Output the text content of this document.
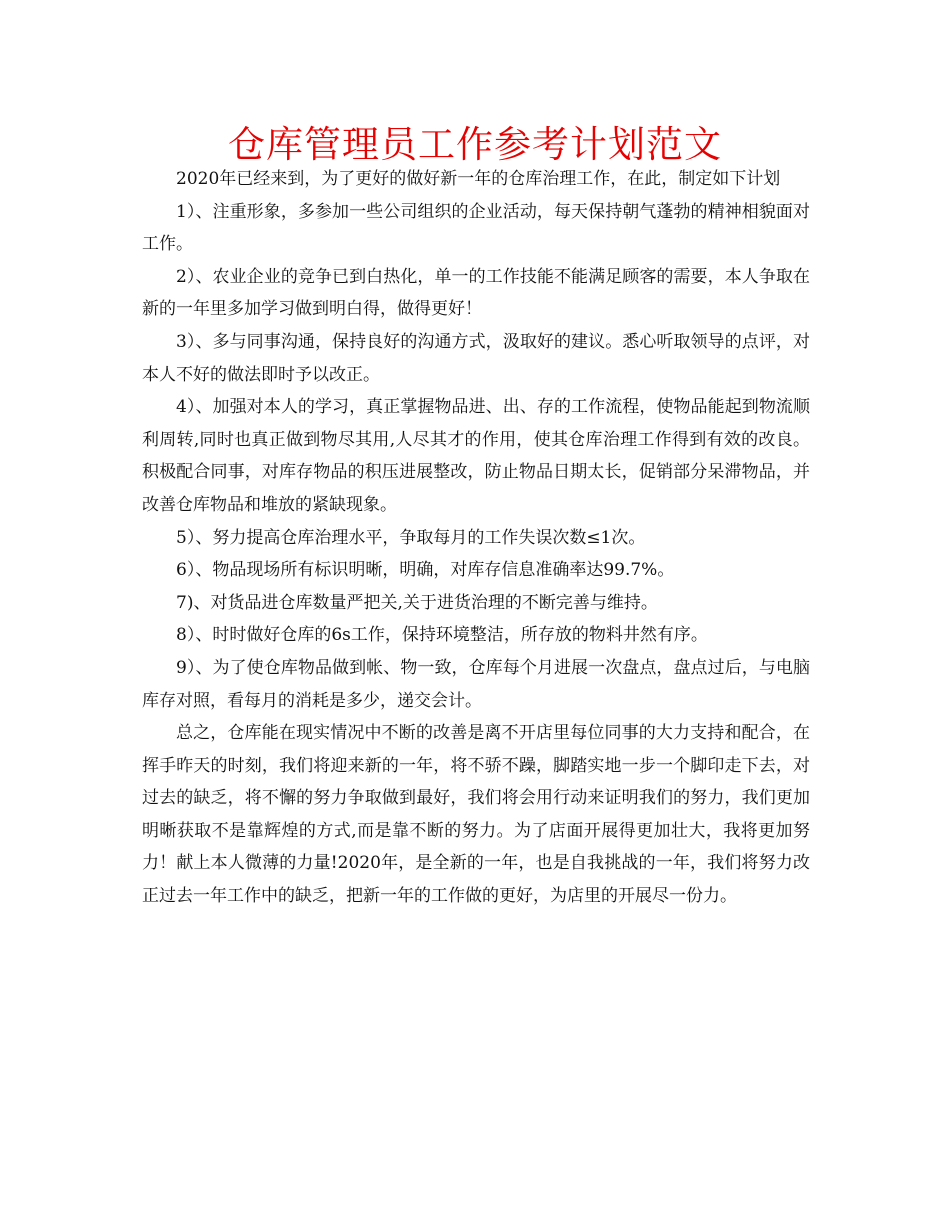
仓库管理员工作参考计划范文

2020年已经来到，为了更好的做好新一年的仓库治理工作，在此，制定如下计划

1）、注重形象，多参加一些公司组织的企业活动，每天保持朝气蓬勃的精神相貌面对工作。

2）、农业企业的竞争已到白热化，单一的工作技能不能满足顾客的需要，本人争取在新的一年里多加学习做到明白得，做得更好！

3）、多与同事沟通，保持良好的沟通方式，汲取好的建议。悉心听取领导的点评，对本人不好的做法即时予以改正。

4）、加强对本人的学习，真正掌握物品进、出、存的工作流程，使物品能起到物流顺利周转,同时也真正做到物尽其用,人尽其才的作用，使其仓库治理工作得到有效的改良。积极配合同事，对库存物品的积压进展整改，防止物品日期太长，促销部分呆滞物品，并改善仓库物品和堆放的紧缺现象。

5）、努力提高仓库治理水平，争取每月的工作失误次数≤1次。

6）、物品现场所有标识明晰，明确，对库存信息准确率达99.7%。

7)、对货品进仓库数量严把关,关于进货治理的不断完善与维持。

8）、时时做好仓库的6s工作，保持环境整洁，所存放的物料井然有序。

9）、为了使仓库物品做到帐、物一致，仓库每个月进展一次盘点，盘点过后，与电脑库存对照，看每月的消耗是多少，递交会计。

总之，仓库能在现实情况中不断的改善是离不开店里每位同事的大力支持和配合，在挥手昨天的时刻，我们将迎来新的一年，将不骄不躁，脚踏实地一步一个脚印走下去，对过去的缺乏，将不懈的努力争取做到最好，我们将会用行动来证明我们的努力，我们更加明晰获取不是靠辉煌的方式,而是靠不断的努力。为了店面开展得更加壮大，我将更加努力！献上本人微薄的力量!2020年，是全新的一年，也是自我挑战的一年，我们将努力改正过去一年工作中的缺乏，把新一年的工作做的更好，为店里的开展尽一份力。
